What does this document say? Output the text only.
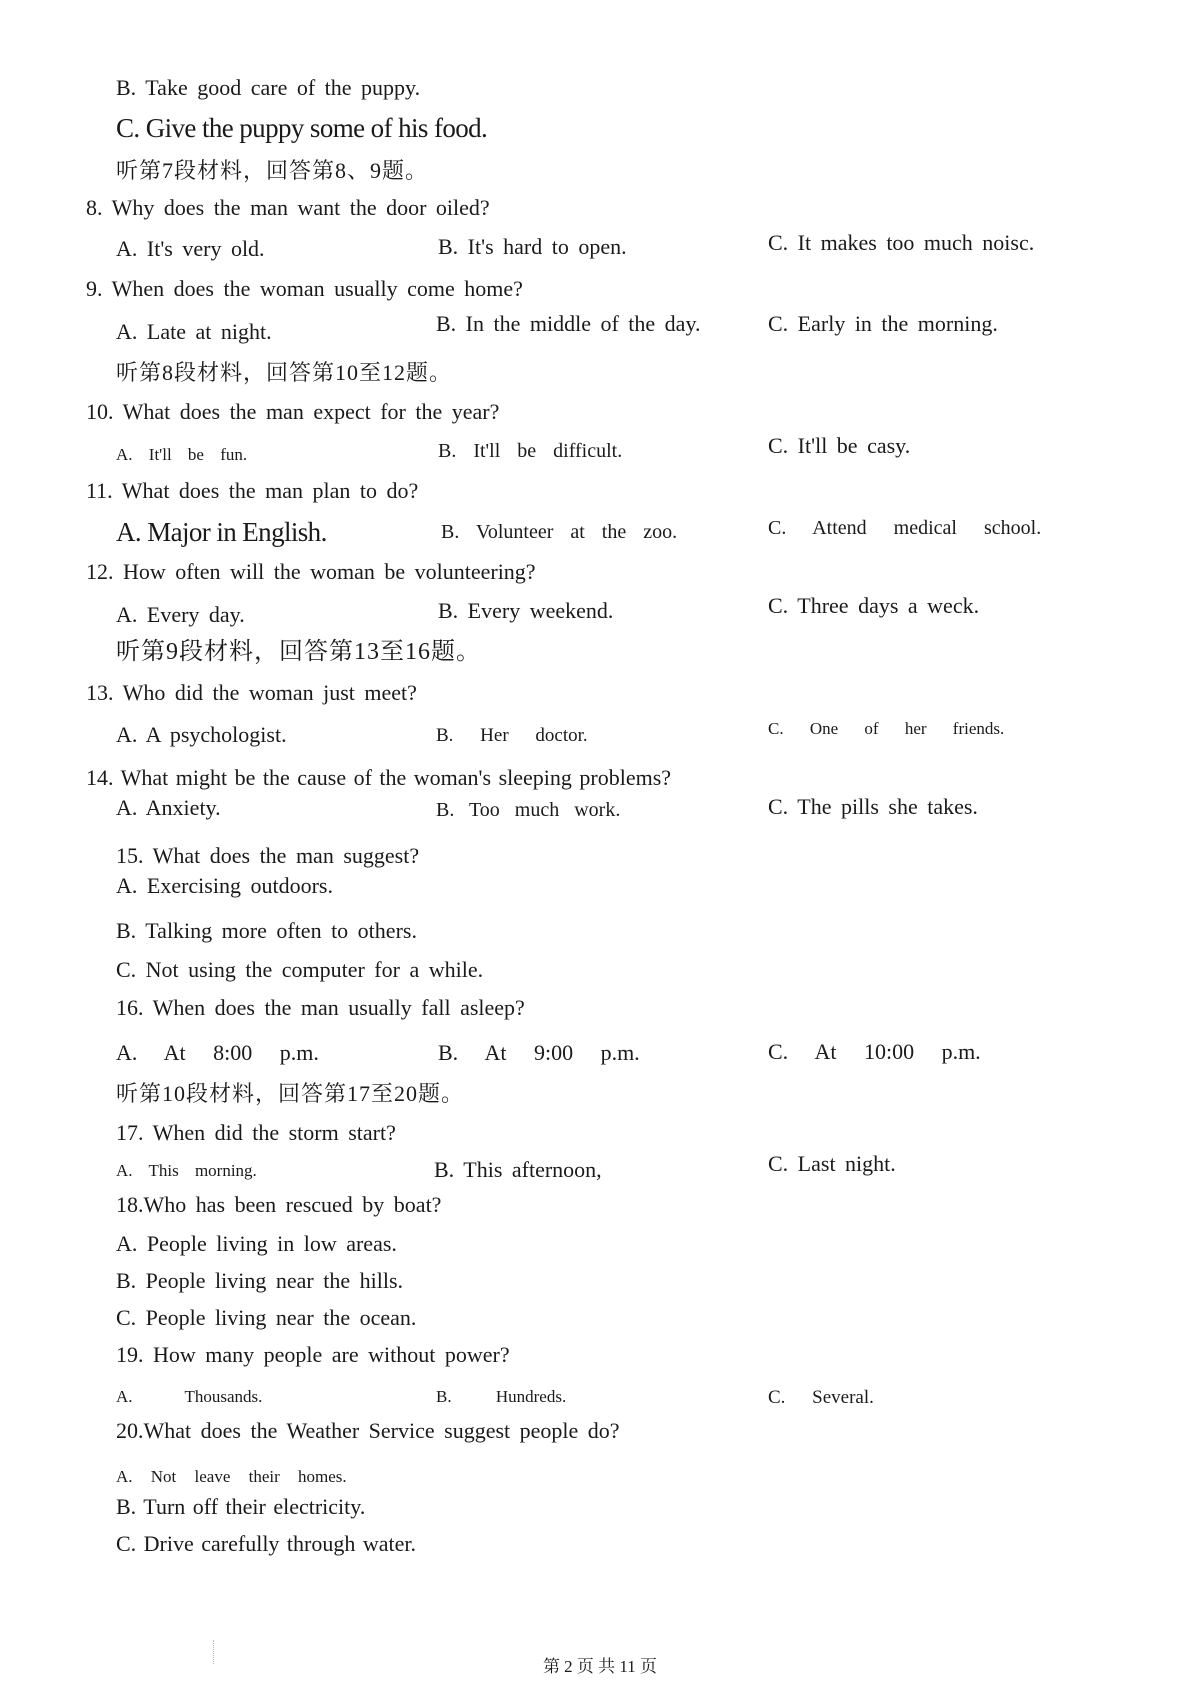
B. Take good care of the puppy.
C. Give the puppy some of his food.
听第7段材料，回答第8、9题。
8. Why does the man want the door oiled?
A. It's very old.	B. It's hard to open.	C. It makes too much noisc.
9. When does the woman usually come home?
A. Late at night.	B. In the middle of the day.	C. Early in the morning.
听第8段材料，回答第10至12题。
10. What does the man expect for the year?
A. It'll be fun.	B. It'll be difficult.	C. It'll be casy.
11. What does the man plan to do?
A. Major in English.	B. Volunteer at the zoo.	C. Attend medical school.
12. How often will the woman be volunteering?
A. Every day.	B. Every weekend.	C. Three days a weck.
听第9段材料，回答第13至16题。
13. Who did the woman just meet?
A. A psychologist.	B. Her doctor.	C. One of her friends.
14. What might be the cause of the woman's sleeping problems?
A. Anxiety.	B. Too much work.	C. The pills she takes.
15. What does the man suggest?
A. Exercising outdoors.
B. Talking more often to others.
C. Not using the computer for a while.
16. When does the man usually fall asleep?
A. At 8:00 p.m.	B. At 9:00 p.m.	C. At 10:00 p.m.
听第10段材料，回答第17至20题。
17. When did the storm start?
A. This morning.	B. This afternoon,	C. Last night.
18.Who has been rescued by boat?
A. People living in low areas.
B. People living near the hills.
C. People living near the ocean.
19. How many people are without power?
A. Thousands.	B. Hundreds.	C. Several.
20.What does the Weather Service suggest people do?
A. Not leave their homes.
B. Turn off their electricity.
C. Drive carefully through water.
第 2 页 共 11 页
